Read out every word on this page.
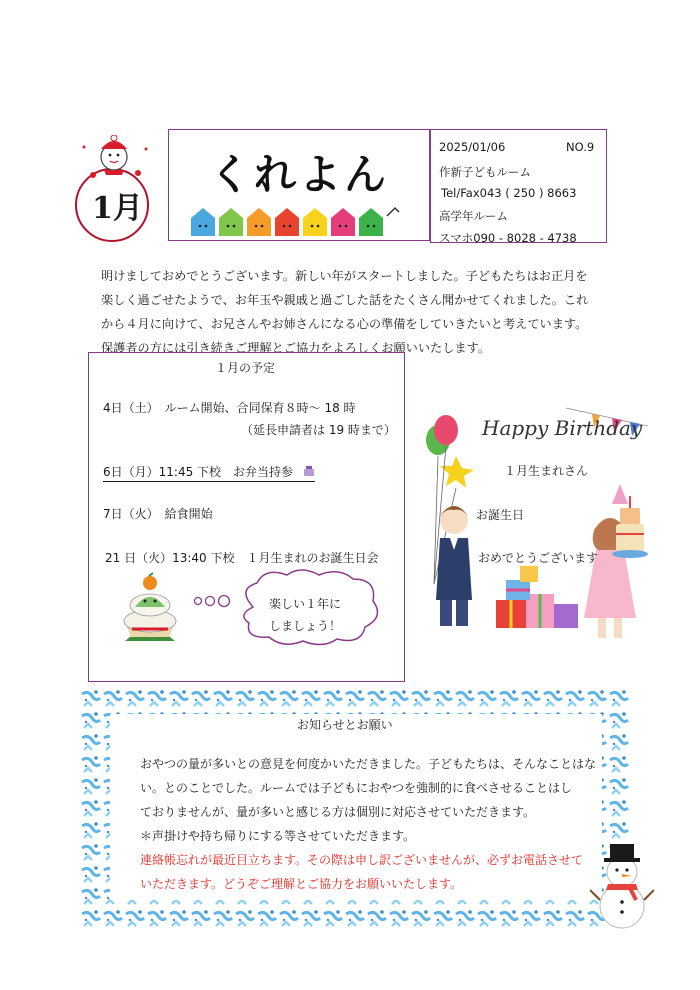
1月
くれよん
2025/01/06	NO.9
作新子どもルーム
Tel/Fax043 ( 250 ) 8663
高学年ルーム
スマホ090 - 8028 - 4738

明けましておめでとうございます。新しい年がスタートしました。子どもたちはお正月を

楽しく過ごせたようで、お年玉や親戚と過ごした話をたくさん聞かせてくれました。これ

から４月に向けて、お兄さんやお姉さんになる心の準備をしていきたいと考えています。

保護者の方には引き続きご理解とご協力をよろしくお願いいたします。

１月の予定
4日（土）　ルーム開始、合同保育８時～ 18 時
（延長申請者は 19 時まで）
6日（月）11:45 下校　お弁当持参
7日（火）　給食開始
21 日（火）13:40 下校　１月生まれのお誕生日会
楽しい１年に
しましょう！
Happy Birthday
１月生まれさん
お誕生日
おめでとうございます
お知らせとお願い
おやつの量が多いとの意見を何度かいただきました。子どもたちは、そんなことはな
い。とのことでした。ルームでは子どもにおやつを強制的に食べさせることはし
ておりませんが、量が多いと感じる方は個別に対応させていただきます。
＊声掛けや持ち帰りにする等させていただきます。
連絡帳忘れが最近目立ちます。その際は申し訳ございませんが、必ずお電話させて
いただきます。どうぞご理解とご協力をお願いいたします。
